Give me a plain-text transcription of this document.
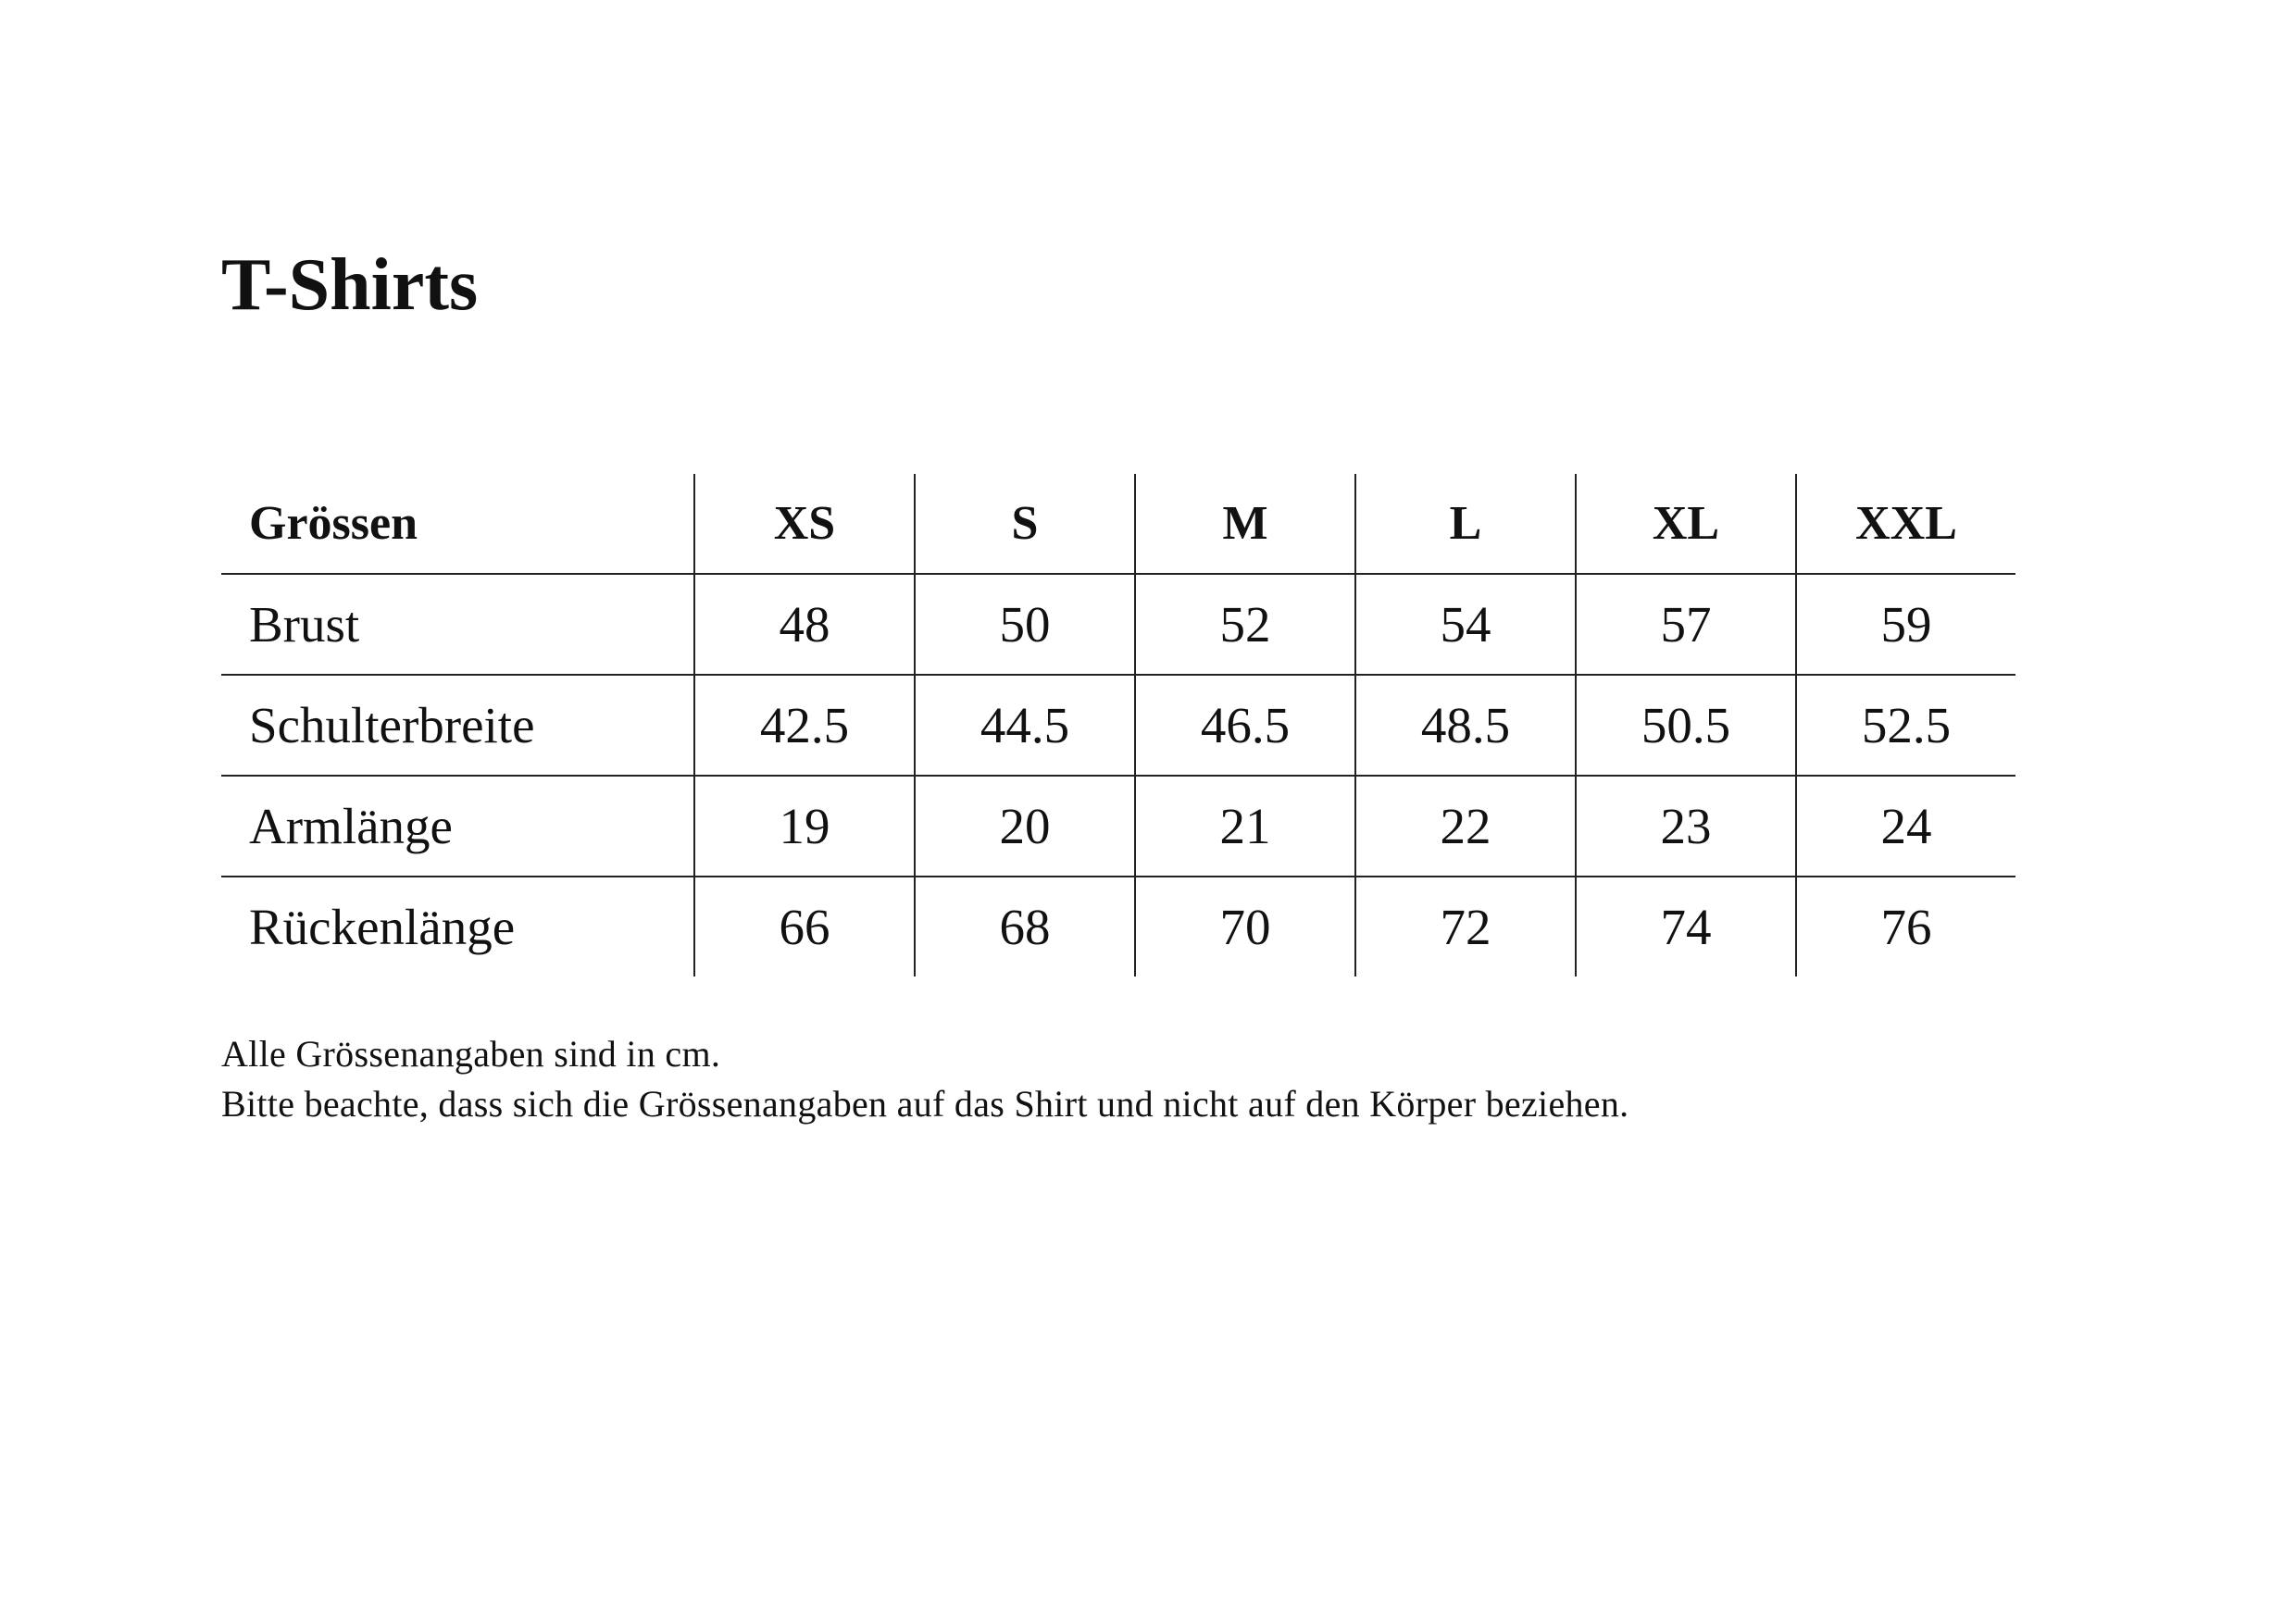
T-Shirts
Grössen	XS	S	M	L	XL	XXL
Brust	48	50	52	54	57	59
Schulterbreite	42.5	44.5	46.5	48.5	50.5	52.5
Armlänge	19	20	21	22	23	24
Rückenlänge	66	68	70	72	74	76

Alle Grössenangaben sind in cm.

Bitte beachte, dass sich die Grössenangaben auf das Shirt und nicht auf den Körper beziehen.
